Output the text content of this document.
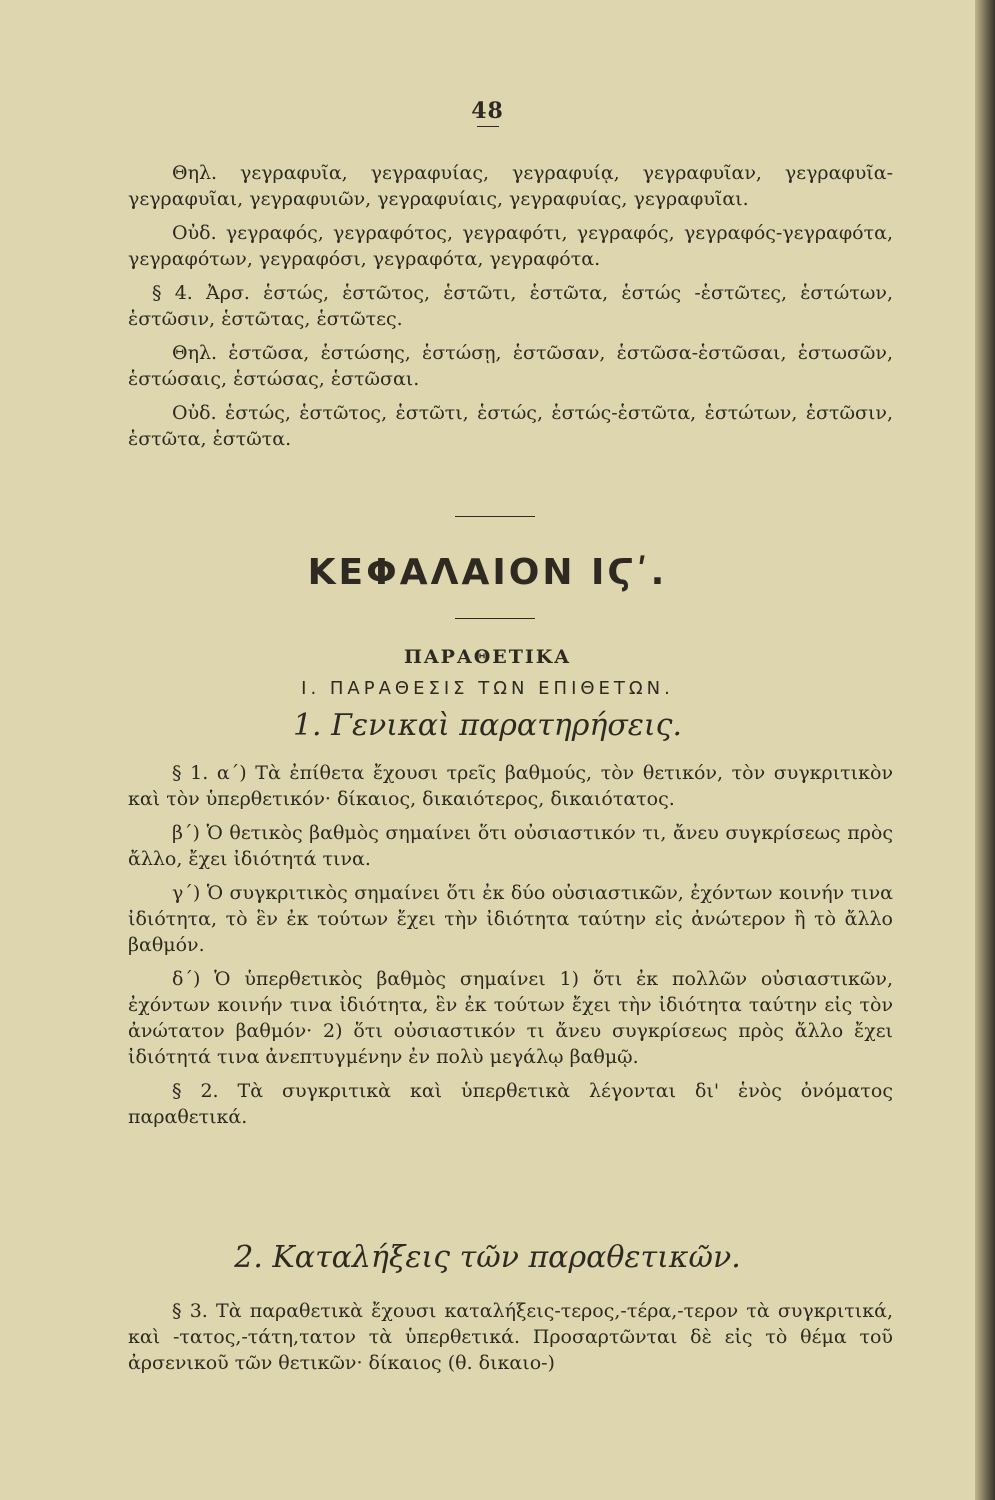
48

Θηλ. γεγραφυῖα, γεγραφυίας, γεγραφυίᾳ, γεγραφυῖαν, γεγραφυῖα-γεγραφυῖαι, γεγραφυιῶν, γεγραφυίαις, γεγραφυίας, γεγραφυῖαι.

Οὐδ. γεγραφός, γεγραφότος, γεγραφότι, γεγραφός, γεγραφός-γεγραφότα, γεγραφότων, γεγραφόσι, γεγραφότα, γεγραφότα.

§ 4. Ἀρσ. ἑστώς, ἑστῶτος, ἑστῶτι, ἑστῶτα, ἑστώς -ἑστῶτες, ἑστώτων, ἑστῶσιν, ἑστῶτας, ἑστῶτες.

Θηλ. ἑστῶσα, ἑστώσης, ἑστώσῃ, ἑστῶσαν, ἑστῶσα-ἑστῶσαι, ἑστωσῶν, ἑστώσαις, ἑστώσας, ἑστῶσαι.

Οὐδ. ἑστώς, ἑστῶτος, ἑστῶτι, ἑστώς, ἑστώς-ἑστῶτα, ἑστώτων, ἑστῶσιν, ἑστῶτα, ἑστῶτα.

ΚΕΦΑΛΑΙΟΝ ΙϚʹ.
ΠΑΡΑΘΕΤΙΚΑ
I. ΠΑΡΑΘΕΣΙΣ ΤΩΝ ΕΠΙΘΕΤΩΝ.
1. Γενικαὶ παρατηρήσεις.

§ 1. α΄) Τὰ ἐπίθετα ἔχουσι τρεῖς βαθμούς, τὸν θετικόν, τὸν συγκριτικὸν καὶ τὸν ὑπερθετικόν· δίκαιος, δικαιότερος, δικαιότατος.

β΄) Ὁ θετικὸς βαθμὸς σημαίνει ὅτι οὐσιαστικόν τι, ἄνευ συγκρίσεως πρὸς ἄλλο, ἔχει ἰδιότητά τινα.

γ΄) Ὁ συγκριτικὸς σημαίνει ὅτι ἐκ δύο οὐσιαστικῶν, ἐχόντων κοινήν τινα ἰδιότητα, τὸ ἓν ἐκ τούτων ἔχει τὴν ἰδιότητα ταύτην εἰς ἀνώτερον ἢ τὸ ἄλλο βαθμόν.

δ΄) Ὁ ὑπερθετικὸς βαθμὸς σημαίνει 1) ὅτι ἐκ πολλῶν οὐσιαστικῶν, ἐχόντων κοινήν τινα ἰδιότητα, ἓν ἐκ τούτων ἔχει τὴν ἰδιότητα ταύτην εἰς τὸν ἀνώτατον βαθμόν· 2) ὅτι οὐσιαστικόν τι ἄνευ συγκρίσεως πρὸς ἄλλο ἔχει ἰδιότητά τινα ἀνεπτυγμένην ἐν πολὺ μεγάλῳ βαθμῷ.

§ 2. Τὰ συγκριτικὰ καὶ ὑπερθετικὰ λέγονται δι' ἑνὸς ὀνόματος παραθετικά.

2. Καταλήξεις τῶν παραθετικῶν.

§ 3. Τὰ παραθετικὰ ἔχουσι καταλήξεις-τερος,-τέρα,-τερον τὰ συγκριτικά, καὶ -τατος,-τάτη,τατον τὰ ὑπερθετικά. Προσαρτῶνται δὲ εἰς τὸ θέμα τοῦ ἀρσενικοῦ τῶν θετικῶν· δίκαιος (θ. δικαιο-)
